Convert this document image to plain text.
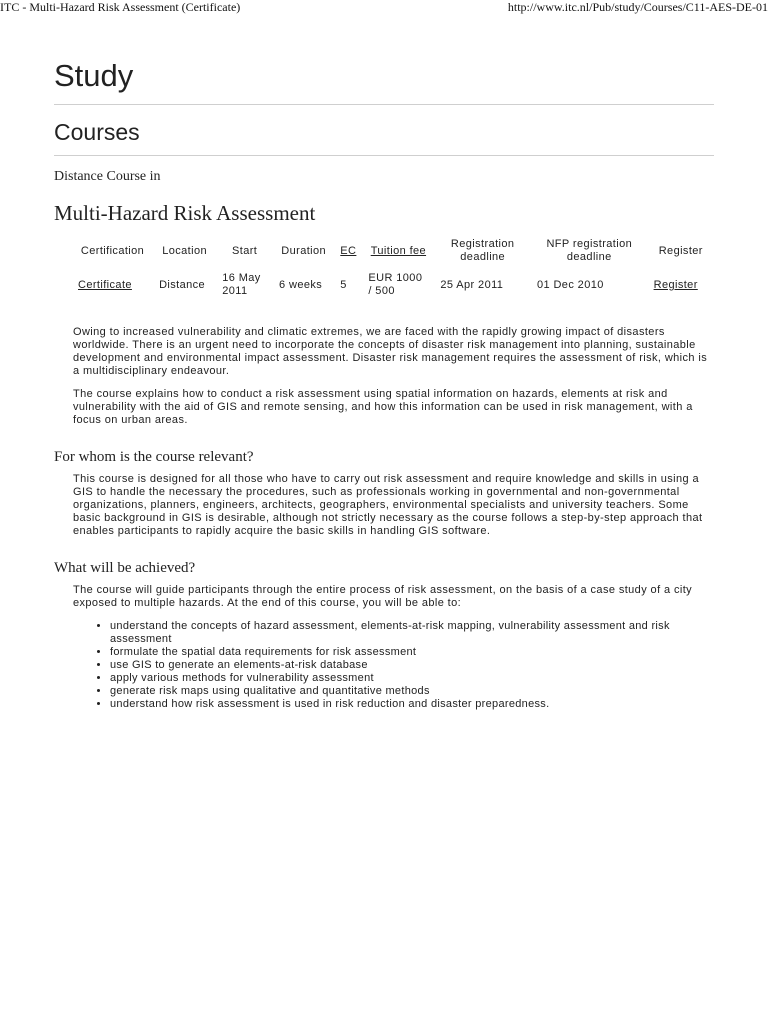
ITC - Multi-Hazard Risk Assessment (Certificate)	http://www.itc.nl/Pub/study/Courses/C11-AES-DE-01
Study
Courses
Distance Course in
Multi-Hazard Risk Assessment
Certification	Location	Start	Duration	EC	Tuition fee	Registration deadline	NFP registration deadline	Register
Certificate	Distance	16 May 2011	6 weeks	5	EUR 1000 / 500	25 Apr 2011	01 Dec 2010	Register

Owing to increased vulnerability and climatic extremes, we are faced with the rapidly growing impact of disasters worldwide. There is an urgent need to incorporate the concepts of disaster risk management into planning, sustainable development and environmental impact assessment. Disaster risk management requires the assessment of risk, which is a multidisciplinary endeavour.

The course explains how to conduct a risk assessment using spatial information on hazards, elements at risk and vulnerability with the aid of GIS and remote sensing, and how this information can be used in risk management, with a focus on urban areas.

For whom is the course relevant?

This course is designed for all those who have to carry out risk assessment and require knowledge and skills in using a GIS to handle the necessary the procedures, such as professionals working in governmental and non-governmental organizations, planners, engineers, architects, geographers, environmental specialists and university teachers. Some basic background in GIS is desirable, although not strictly necessary as the course follows a step-by-step approach that enables participants to rapidly acquire the basic skills in handling GIS software.

What will be achieved?

The course will guide participants through the entire process of risk assessment, on the basis of a case study of a city exposed to multiple hazards. At the end of this course, you will be able to:

• understand the concepts of hazard assessment, elements-at-risk mapping, vulnerability assessment and risk assessment
• formulate the spatial data requirements for risk assessment
• use GIS to generate an elements-at-risk database
• apply various methods for vulnerability assessment
• generate risk maps using qualitative and quantitative methods
• understand how risk assessment is used in risk reduction and disaster preparedness.
